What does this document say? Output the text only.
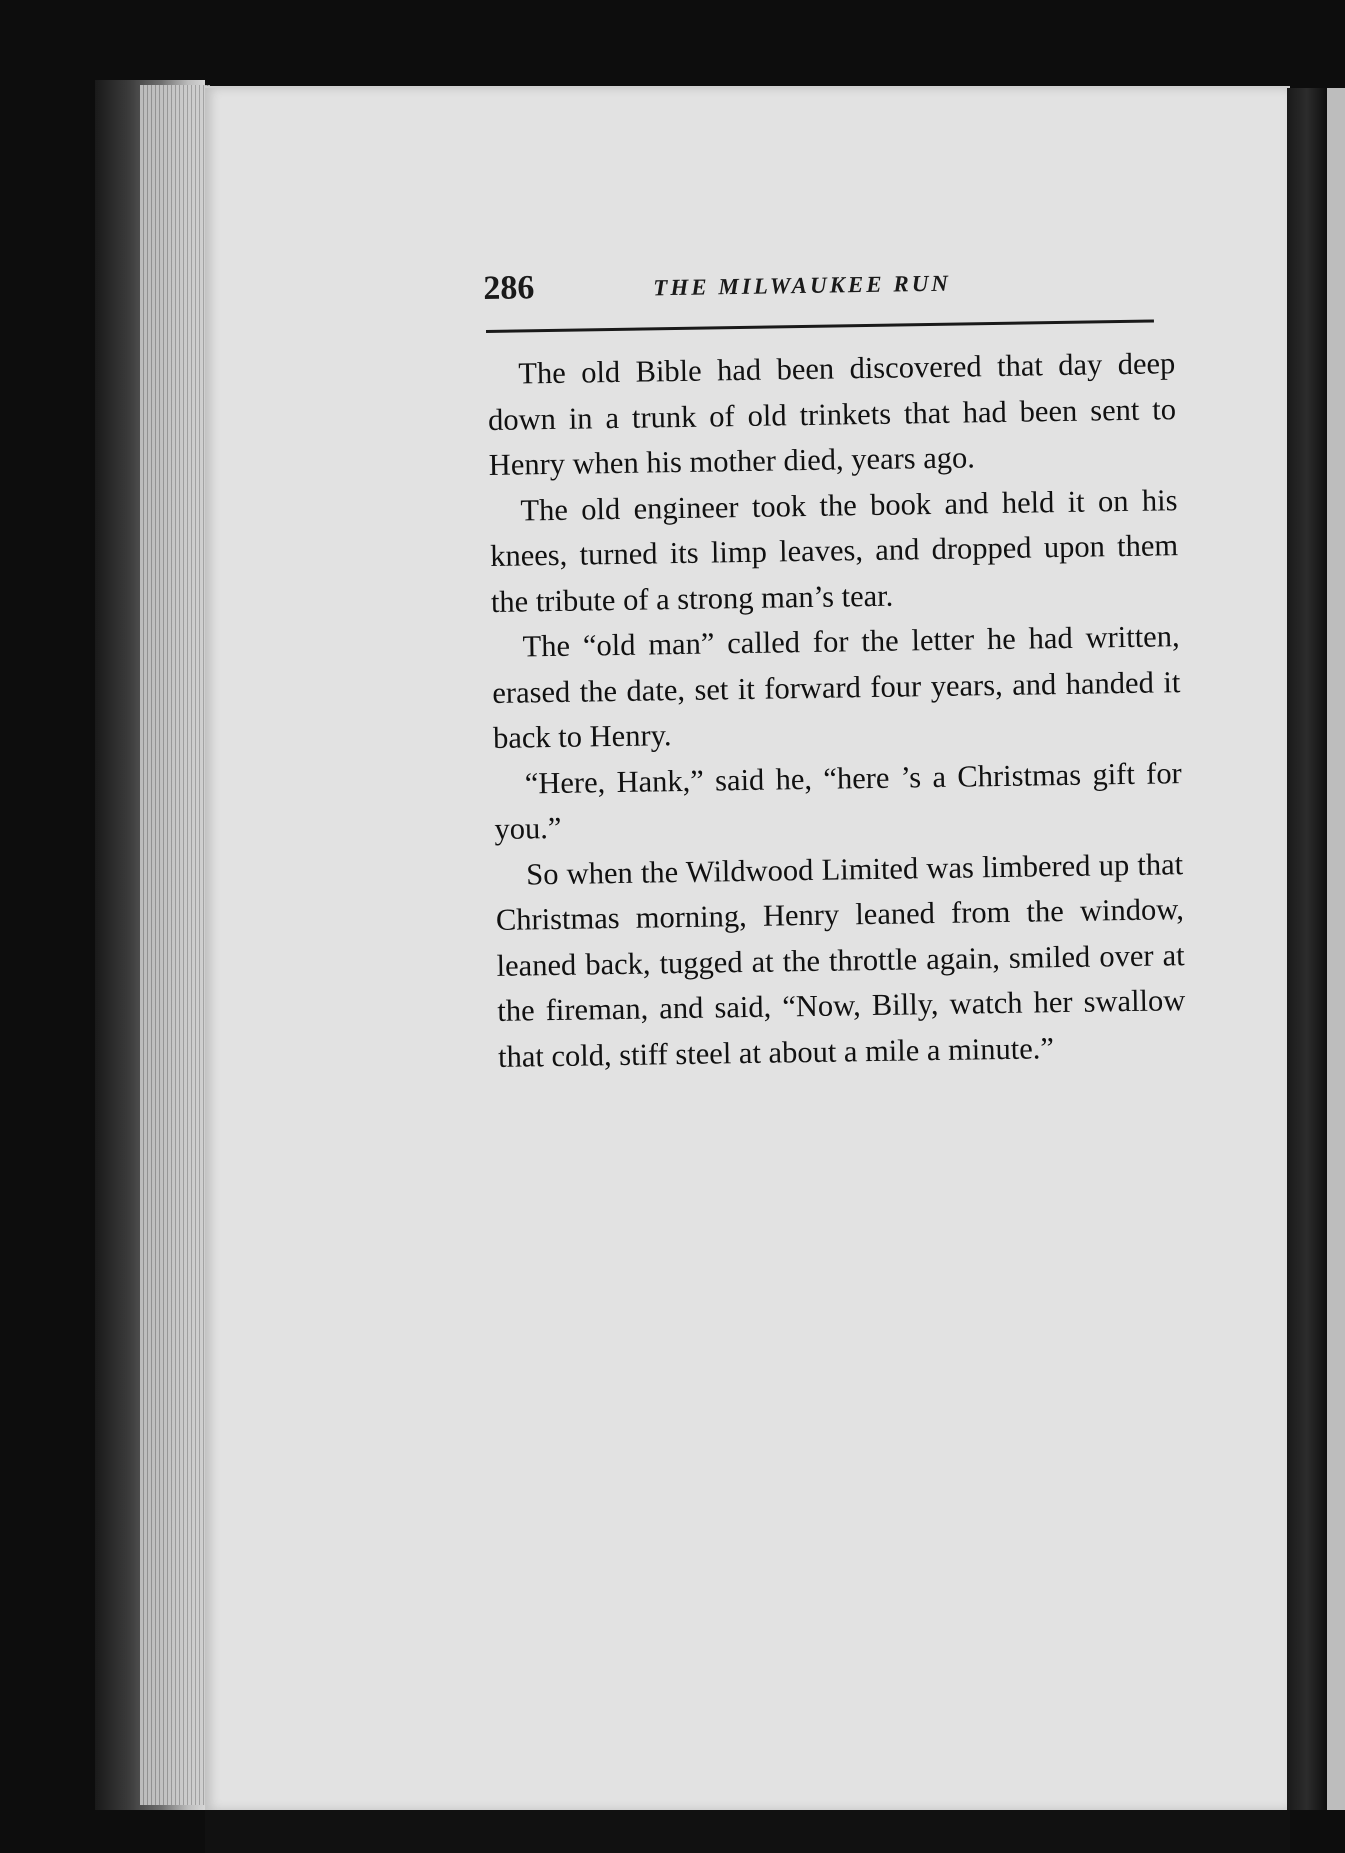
286	THE MILWAUKEE RUN

The old Bible had been discovered that day deep down in a trunk of old trinkets that had been sent to Henry when his mother died, years ago.

The old engineer took the book and held it on his knees, turned its limp leaves, and dropped upon them the tribute of a strong man’s tear.

The “old man” called for the letter he had written, erased the date, set it forward four years, and handed it back to Henry.

“Here, Hank,” said he, “here ’s a Christmas gift for you.”

So when the Wildwood Limited was limbered up that Christmas morning, Henry leaned from the window, leaned back, tugged at the throttle again, smiled over at the fireman, and said, “Now, Billy, watch her swallow that cold, stiff steel at about a mile a minute.”
